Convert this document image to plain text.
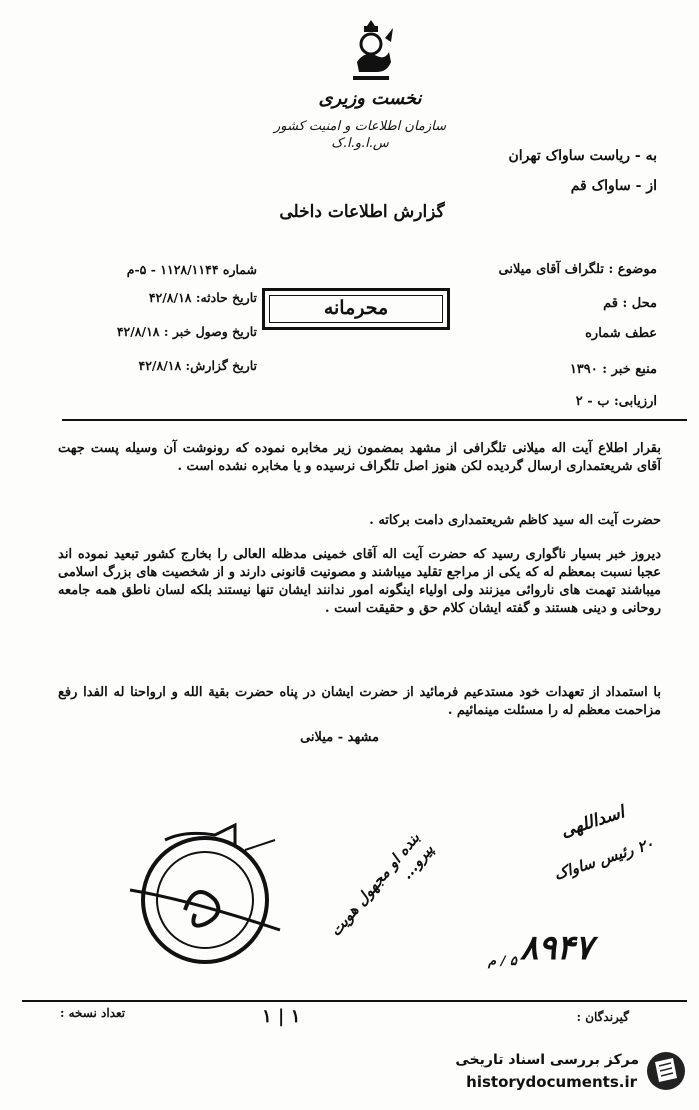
نخست وزیری
سازمان اطلاعات و امنیت کشور
س.ا.و.ا.ک
گزارش اطلاعات داخلی
به - ریاست ساواک تهران
از - ساواک قم
شماره ۱۱۲۸/۱۱۴۴ - ۵-م
تاریخ حادثه: ۴۲/۸/۱۸
تاریخ وصول خبر : ۴۲/۸/۱۸
تاریخ گزارش: ۴۲/۸/۱۸
محرمانه
موضوع : تلگراف آقای میلانی
محل : قم
عطف شماره
منبع خبر : ۱۳۹۰
ارزیابی: ب - ۲
بقرار اطلاع آیت اله میلانی تلگرافی از مشهد بمضمون زیر مخابره نموده که رونوشت آن وسیله پست جهت آقای شریعتمداری ارسال گردیده لکن هنوز اصل تلگراف نرسیده و یا مخابره نشده است .
حضرت آیت اله سید کاظم شریعتمداری دامت برکاته .
دیروز خبر بسیار ناگواری رسید که حضرت آیت اله آقای خمینی مدظله العالی را بخارج کشور تبعید نموده اند عجبا نسبت بمعظم له که یکی از مراجع تقلید میباشند و مصونیت قانونی دارند و از شخصیت های بزرگ اسلامی میباشند تهمت های ناروائی میزنند ولی اولیاء اینگونه امور ندانند ایشان تنها نیستند بلکه لسان ناطق همه جامعه روحانی و دینی هستند و گفته ایشان کلام حق و حقیقت است .
با استمداد از تعهدات خود مستدعیم فرمائید از حضرت ایشان در پناه حضرت بقیة الله و ارواحنا له الفدا رفع مزاحمت معظم له را مسئلت مینمائیم .
مشهد - میلانی
بنده او مجهول هویت پیرو...
اسداللهی
۲۰ رئیس ساواک
۸۹۴۷
۵ / م
تعداد نسخه :	۱ | ۱	گیرندگان :
مرکز بررسی اسناد تاریخی
historydocuments.ir
